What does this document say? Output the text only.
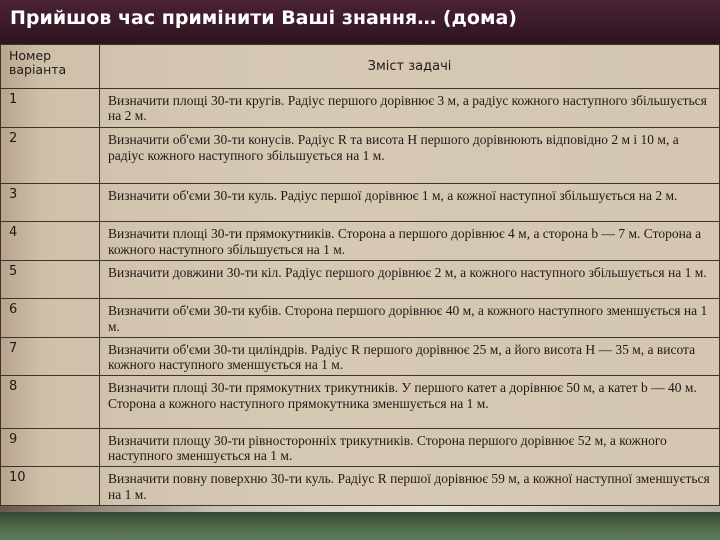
Прийшов час примінити Ваші знання… (дома)
Номер варіанта	Зміст задачі
1	Визначити площі 30-ти кругів. Радіус першого дорівнює 3 м, а радіус кожного наступного збільшується на 2 м.
2	Визначити об'єми 30-ти конусів. Радіус R та висота H першого дорівнюють відповідно 2 м і 10 м, а радіус кожного наступного збільшується на 1 м.
3	Визначити об'єми 30-ти куль. Радіус першої дорівнює 1 м, а кожної наступної збільшується на 2 м.
4	Визначити площі 30-ти прямокутників. Сторона a першого дорівнює 4 м, а сторона b — 7 м. Сторона a кожного наступного збільшується на 1 м.
5	Визначити довжини 30-ти кіл. Радіус першого дорівнює 2 м, а кожного наступного збільшується на 1 м.
6	Визначити об'єми 30-ти кубів. Сторона першого дорівнює 40 м, а кожного наступного зменшується на 1 м.
7	Визначити об'єми 30-ти циліндрів. Радіус R першого дорівнює 25 м, а його висота H — 35 м, а висота кожного наступного зменшується на 1 м.
8	Визначити площі 30-ти прямокутних трикутників. У першого катет a дорівнює 50 м, а катет b — 40 м. Сторона a кожного наступного прямокутника зменшується на 1 м.
9	Визначити площу 30-ти рівносторонніх трикутників. Сторона першого дорівнює 52 м, а кожного наступного зменшується на 1 м.
10	Визначити повну поверхню 30-ти куль. Радіус R першої дорівнює 59 м, а кожної наступної зменшується на 1 м.
